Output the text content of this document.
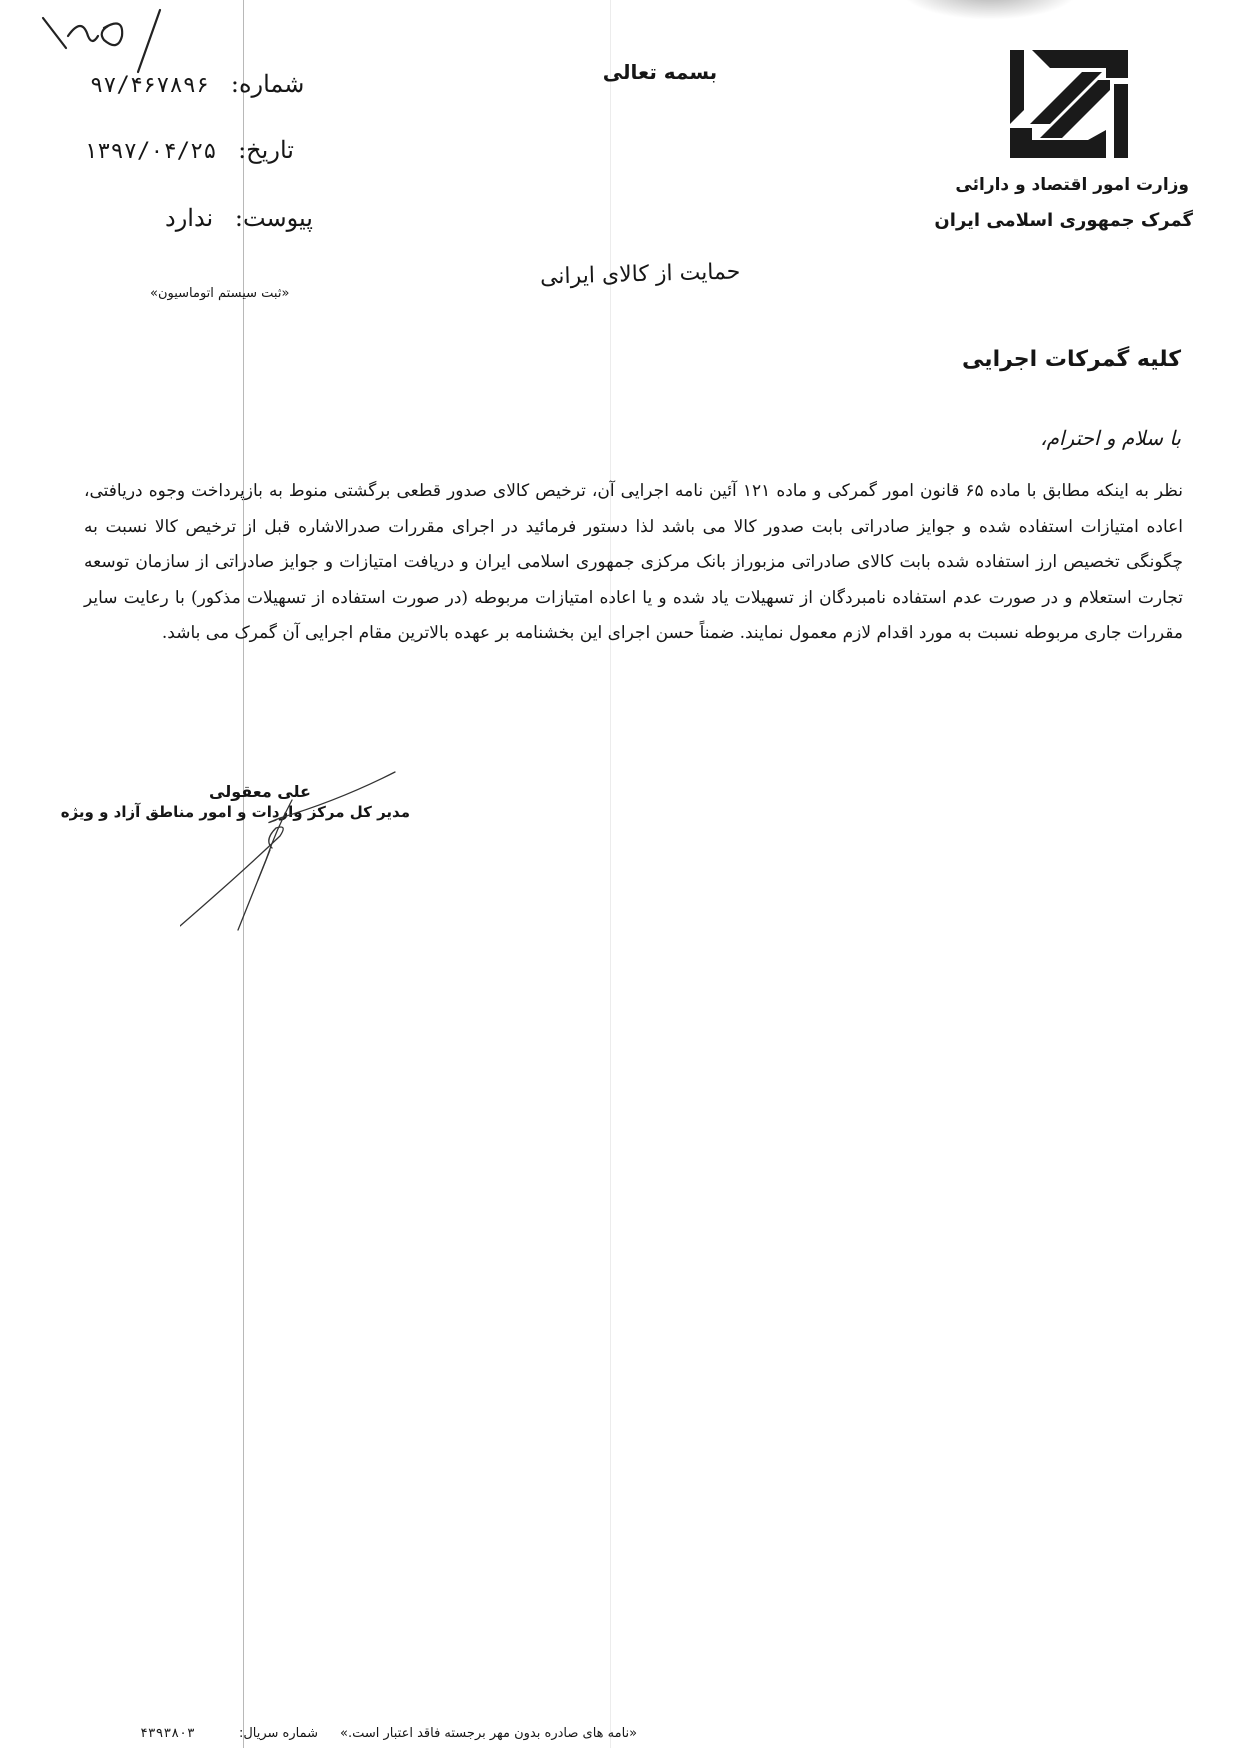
شماره: ۹۷/۴۶۷۸۹۶
تاریخ: ۱۳۹۷/۰۴/۲۵
پیوست: ندارد
«ثبت سیستم اتوماسیون»
بسمه تعالی
حمایت از کالای ایرانی
وزارت امور اقتصاد و دارائی
گمرک جمهوری اسلامی ایران
کلیه گمرکات اجرایی
با سلام و احترام،
نظر به اینکه مطابق با ماده ۶۵ قانون امور گمرکی و ماده ۱۲۱ آئین نامه اجرایی آن، ترخیص کالای صدور قطعی برگشتی منوط به بازپرداخت وجوه دریافتی، اعاده امتیازات استفاده شده و جوایز صادراتی بابت صدور کالا می باشد لذا دستور فرمائید در اجرای مقررات صدرالاشاره قبل از ترخیص کالا نسبت به چگونگی تخصیص ارز استفاده شده بابت کالای صادراتی مزبوراز بانک مرکزی جمهوری اسلامی ایران و دریافت امتیازات و جوایز صادراتی از سازمان توسعه تجارت استعلام و در صورت عدم استفاده نامبردگان از تسهیلات یاد شده و یا اعاده امتیازات مربوطه (در صورت استفاده از تسهیلات مذکور) با رعایت سایر مقررات جاری مربوطه نسبت به مورد اقدام لازم معمول نمایند. ضمناً حسن اجرای این بخشنامه بر عهده بالاترین مقام اجرایی آن گمرک می باشد.
علی معقولی
مدیر کل مرکز واردات و امور مناطق آزاد و ویژه
«نامه های صادره بدون مهر برجسته فاقد اعتبار است.»
شماره سریال: ۴۳۹۳۸۰۳
